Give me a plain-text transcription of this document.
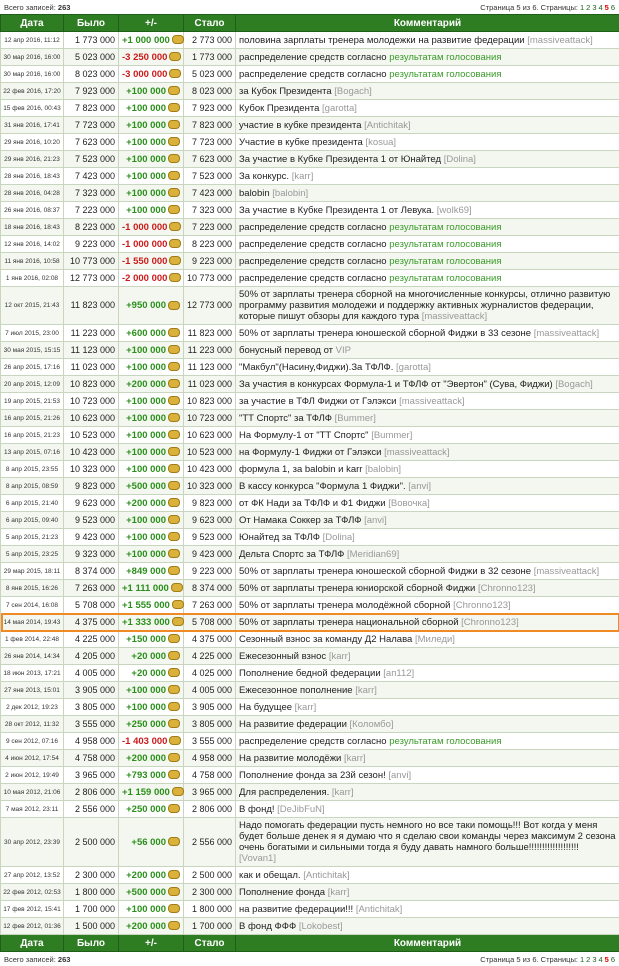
Всего записей: 263	Страница 5 из 6. Страницы: 1 2 3 4 5 6
Дата	Было	+/-	Стало	Комментарий
12 апр 2016, 11:12	1 773 000	+1 000 000	2 773 000	половина зарплаты тренера молодежки на развитие федерации [massiveattack]
30 мар 2016, 16:00	5 023 000	-3 250 000	1 773 000	распределение средств согласно результатам голосования
30 мар 2016, 16:00	8 023 000	-3 000 000	5 023 000	распределение средств согласно результатам голосования
22 фев 2016, 17:20	7 923 000	+100 000	8 023 000	за Кубок Президента [Bogach]
15 фев 2016, 00:43	7 823 000	+100 000	7 923 000	Кубок Президента [garotta]
31 янв 2016, 17:41	7 723 000	+100 000	7 823 000	участие в кубке президента [Antichitak]
29 янв 2016, 10:20	7 623 000	+100 000	7 723 000	Участие в кубке президента [kosua]
29 янв 2016, 21:23	7 523 000	+100 000	7 623 000	За участие в Кубке Президента 1 от Юнайтед [Dolina]
28 янв 2016, 18:43	7 423 000	+100 000	7 523 000	За конкурс. [karr]
28 янв 2016, 04:28	7 323 000	+100 000	7 423 000	balobin [balobin]
26 янв 2016, 08:37	7 223 000	+100 000	7 323 000	За участие в Кубке Президента 1 от Левука. [wolk69]
18 янв 2016, 18:43	8 223 000	-1 000 000	7 223 000	распределение средств согласно результатам голосования
12 янв 2016, 14:02	9 223 000	-1 000 000	8 223 000	распределение средств согласно результатам голосования
11 янв 2016, 10:58	10 773 000	-1 550 000	9 223 000	распределение средств согласно результатам голосования
1 янв 2016, 02:08	12 773 000	-2 000 000	10 773 000	распределение средств согласно результатам голосования
12 окт 2015, 21:43	11 823 000	+950 000	12 773 000	50% от зарплаты тренера сборной на многочисленные конкурсы, отлично развитую программу развития молодежи и поддержку активных журналистов федерации, которые пишут обзоры для каждого тура [massiveattack]
7 июл 2015, 23:00	11 223 000	+600 000	11 823 000	50% от зарплаты тренера юношеской сборной Фиджи в 33 сезоне [massiveattack]
30 мая 2015, 15:15	11 123 000	+100 000	11 223 000	бонусный перевод от VIP
26 апр 2015, 17:16	11 023 000	+100 000	11 123 000	"Макбул"(Насину,Фиджи).За ТФЛФ. [garotta]
20 апр 2015, 12:09	10 823 000	+200 000	11 023 000	За участия в конкурсах Формула-1 и ТФЛФ от "Эвертон" (Сува, Фиджи) [Bogach]
19 апр 2015, 21:53	10 723 000	+100 000	10 823 000	за участие в ТФЛ Фиджи от Гэлэкси [massiveattack]
16 апр 2015, 21:26	10 623 000	+100 000	10 723 000	"ТТ Спортс" за ТФЛФ [Bummer]
16 апр 2015, 21:23	10 523 000	+100 000	10 623 000	На Формулу-1 от "ТТ Спортс" [Bummer]
13 апр 2015, 07:16	10 423 000	+100 000	10 523 000	на Формулу-1 Фиджи от Гэлэкси [massiveattack]
8 апр 2015, 23:55	10 323 000	+100 000	10 423 000	формула 1, за balobin и karr [balobin]
8 апр 2015, 08:59	9 823 000	+500 000	10 323 000	В кассу конкурса "Формула 1 Фиджи". [anvi]
6 апр 2015, 21:40	9 623 000	+200 000	9 823 000	от ФК Нади за ТФЛФ и Ф1 Фиджи [Вовочка]
6 апр 2015, 09:40	9 523 000	+100 000	9 623 000	От Намака Соккер за ТФЛФ [anvi]
5 апр 2015, 21:23	9 423 000	+100 000	9 523 000	Юнайтед за ТФЛФ [Dolina]
5 апр 2015, 23:25	9 323 000	+100 000	9 423 000	Дельта Спортс за ТФЛФ [Meridian69]
29 мар 2015, 18:11	8 374 000	+849 000	9 223 000	50% от зарплаты тренера юношеской сборной Фиджи в 32 сезоне [massiveattack]
8 янв 2015, 16:26	7 263 000	+1 111 000	8 374 000	50% от зарплаты тренера юниорской сборной Фиджи [Chronno123]
7 сен 2014, 16:08	5 708 000	+1 555 000	7 263 000	50% от зарплаты тренера молодёжной сборной [Chronno123]
14 мая 2014, 19:43	4 375 000	+1 333 000	5 708 000	50% от зарплаты тренера национальной сборной [Chronno123]
1 фев 2014, 22:48	4 225 000	+150 000	4 375 000	Сезонный взнос за команду Д2 Налава [Миледи]
26 янв 2014, 14:34	4 205 000	+20 000	4 225 000	Ежесезонный взнос [karr]
18 июн 2013, 17:21	4 005 000	+20 000	4 025 000	Пополнение бедной федерации [ап112]
27 янв 2013, 15:01	3 905 000	+100 000	4 005 000	Ежесезонное пополнение [karr]
2 дек 2012, 19:23	3 805 000	+100 000	3 905 000	На будущее [karr]
28 окт 2012, 11:32	3 555 000	+250 000	3 805 000	На развитие федерации [Коломбо]
9 сен 2012, 07:16	4 958 000	-1 403 000	3 555 000	распределение средств согласно результатам голосования
4 июн 2012, 17:54	4 758 000	+200 000	4 958 000	На развитие молодёжи [karr]
2 июн 2012, 19:49	3 965 000	+793 000	4 758 000	Пополнение фонда за 23й сезон! [anvi]
10 мая 2012, 21:06	2 806 000	+1 159 000	3 965 000	Для распределения. [karr]
7 мая 2012, 23:11	2 556 000	+250 000	2 806 000	В фонд! [DeJibFuN]
30 апр 2012, 23:39	2 500 000	+56 000	2 556 000	Надо помогать федерации пусть немного но все таки помощь!!! Вот когда у меня будет больше денек я я думаю что я сделаю свои команды через максимум 2 сезона очень богатыми и сильными тогда я буду давать намного больше!!!!!!!!!!!!!!!!!!! [Vovan1]
27 апр 2012, 13:52	2 300 000	+200 000	2 500 000	как и обещал. [Antichitak]
22 фев 2012, 02:53	1 800 000	+500 000	2 300 000	Пополнение фонда [karr]
17 фев 2012, 15:41	1 700 000	+100 000	1 800 000	на развитие федерации!!! [Antichitak]
12 фев 2012, 01:36	1 500 000	+200 000	1 700 000	В фонд ФФФ [Lokobest]
Дата	Было	+/-	Стало	Комментарий
Всего записей: 263	Страница 5 из 6. Страницы: 1 2 3 4 5 6
